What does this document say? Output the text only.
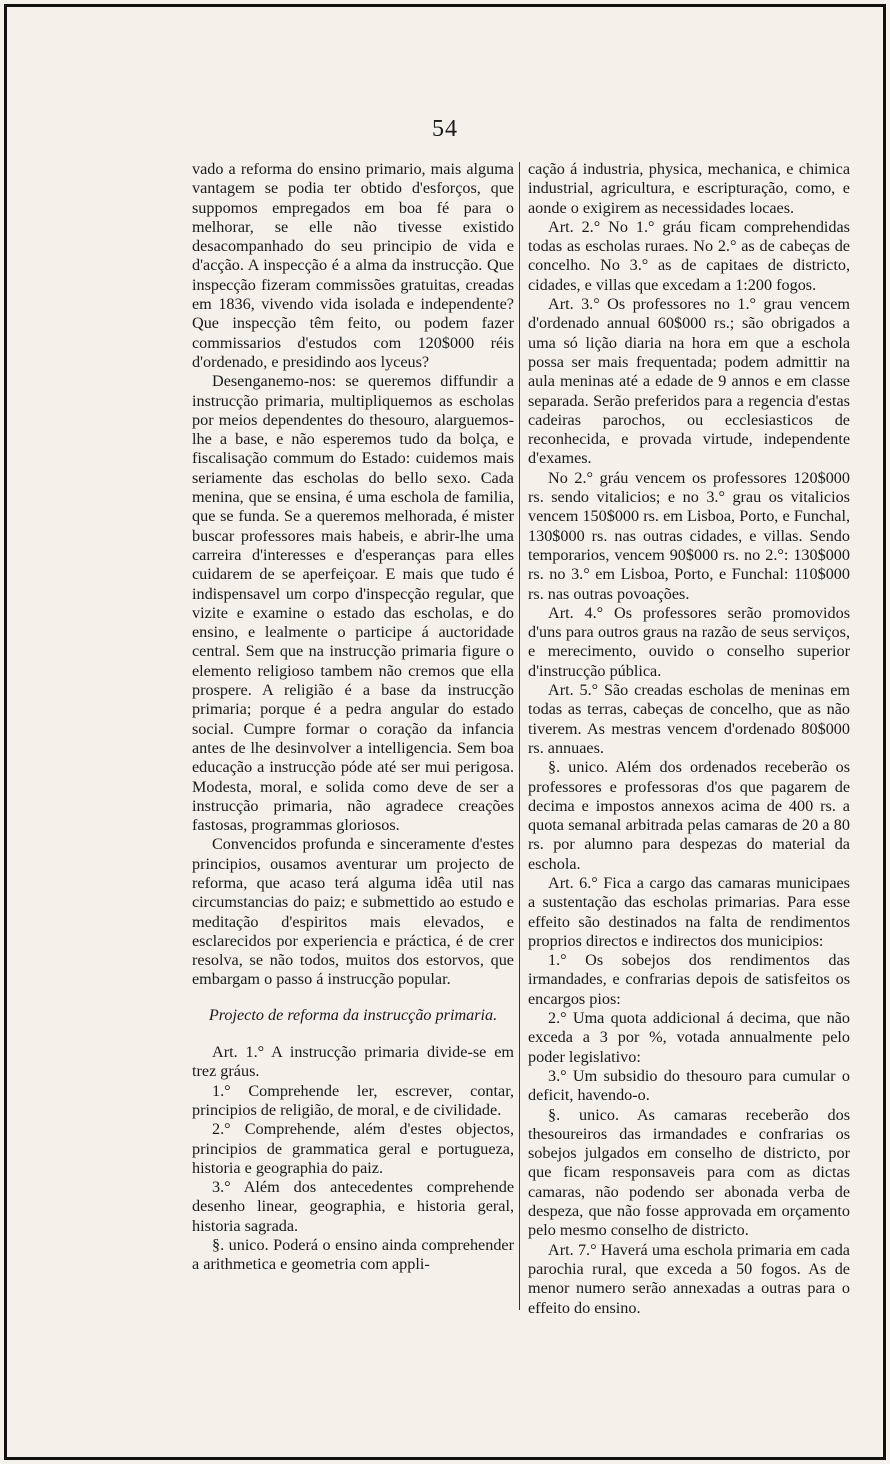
54

vado a reforma do ensino primario, mais alguma vantagem se podia ter obtido d'esforços, que suppomos empregados em boa fé para o melhorar, se elle não tivesse existido desacompanhado do seu principio de vida e d'acção. A inspecção é a alma da instrucção. Que inspecção fizeram commissões gratuitas, creadas em 1836, vivendo vida isolada e independente? Que inspecção têm feito, ou podem fazer commissarios d'estudos com 120$000 réis d'ordenado, e presidindo aos lyceus?

Desenganemo-nos: se queremos diffundir a instrucção primaria, multipliquemos as escholas por meios dependentes do thesouro, alarguemos-lhe a base, e não esperemos tudo da bolça, e fiscalisação commum do Estado: cuidemos mais seriamente das escholas do bello sexo. Cada menina, que se ensina, é uma eschola de familia, que se funda. Se a queremos melhorada, é mister buscar professores mais habeis, e abrir-lhe uma carreira d'interesses e d'esperanças para elles cuidarem de se aperfeiçoar. E mais que tudo é indispensavel um corpo d'inspecção regular, que vizite e examine o estado das escholas, e do ensino, e lealmente o participe á auctoridade central. Sem que na instrucção primaria figure o elemento religioso tambem não cremos que ella prospere. A religião é a base da instrucção primaria; porque é a pedra angular do estado social. Cumpre formar o coração da infancia antes de lhe desinvolver a intelligencia. Sem boa educação a instrucção póde até ser mui perigosa. Modesta, moral, e solida como deve de ser a instrucção primaria, não agradece creações fastosas, programmas gloriosos.

Convencidos profunda e sinceramente d'estes principios, ousamos aventurar um projecto de reforma, que acaso terá alguma idêa util nas circumstancias do paiz; e submettido ao estudo e meditação d'espiritos mais elevados, e esclarecidos por experiencia e práctica, é de crer resolva, se não todos, muitos dos estorvos, que embargam o passo á instrucção popular.

Projecto de reforma da instrucção primaria.

Art. 1.° A instrucção primaria divide-se em trez gráus.

1.° Comprehende ler, escrever, contar, principios de religião, de moral, e de civilidade.

2.° Comprehende, além d'estes objectos, principios de grammatica geral e portugueza, historia e geographia do paiz.

3.° Além dos antecedentes comprehende desenho linear, geographia, e historia geral, historia sagrada.

§. unico. Poderá o ensino ainda comprehender a arithmetica e geometria com appli-

cação á industria, physica, mechanica, e chimica industrial, agricultura, e escripturação, como, e aonde o exigirem as necessidades locaes.

Art. 2.° No 1.° gráu ficam comprehendidas todas as escholas ruraes. No 2.° as de cabeças de concelho. No 3.° as de capitaes de districto, cidades, e villas que excedam a 1:200 fogos.

Art. 3.° Os professores no 1.° grau vencem d'ordenado annual 60$000 rs.; são obrigados a uma só lição diaria na hora em que a eschola possa ser mais frequentada; podem admittir na aula meninas até a edade de 9 annos e em classe separada. Serão preferidos para a regencia d'estas cadeiras parochos, ou ecclesiasticos de reconhecida, e provada virtude, independente d'exames.

No 2.° gráu vencem os professores 120$000 rs. sendo vitalicios; e no 3.° grau os vitalicios vencem 150$000 rs. em Lisboa, Porto, e Funchal, 130$000 rs. nas outras cidades, e villas. Sendo temporarios, vencem 90$000 rs. no 2.°: 130$000 rs. no 3.° em Lisboa, Porto, e Funchal: 110$000 rs. nas outras povoações.

Art. 4.° Os professores serão promovidos d'uns para outros graus na razão de seus serviços, e merecimento, ouvido o conselho superior d'instrucção pública.

Art. 5.° São creadas escholas de meninas em todas as terras, cabeças de concelho, que as não tiverem. As mestras vencem d'ordenado 80$000 rs. annuaes.

§. unico. Além dos ordenados receberão os professores e professoras d'os que pagarem de decima e impostos annexos acima de 400 rs. a quota semanal arbitrada pelas camaras de 20 a 80 rs. por alumno para despezas do material da eschola.

Art. 6.° Fica a cargo das camaras municipaes a sustentação das escholas primarias. Para esse effeito são destinados na falta de rendimentos proprios directos e indirectos dos municipios:

1.° Os sobejos dos rendimentos das irmandades, e confrarias depois de satisfeitos os encargos pios:

2.° Uma quota addicional á decima, que não exceda a 3 por %, votada annualmente pelo poder legislativo:

3.° Um subsidio do thesouro para cumular o deficit, havendo-o.

§. unico. As camaras receberão dos thesoureiros das irmandades e confrarias os sobejos julgados em conselho de districto, por que ficam responsaveis para com as dictas camaras, não podendo ser abonada verba de despeza, que não fosse approvada em orçamento pelo mesmo conselho de districto.

Art. 7.° Haverá uma eschola primaria em cada parochia rural, que exceda a 50 fogos. As de menor numero serão annexadas a outras para o effeito do ensino.
